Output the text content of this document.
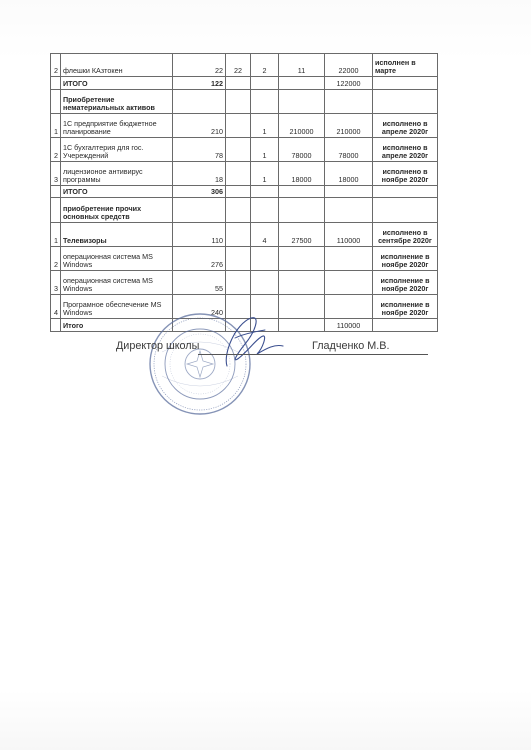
2	флешки КАзтокен	22	22	2	11	22000	исполнен в марте
	ИТОГО	122				122000	
	Приобретение нематериальных активов						
1	1С предприятие бюджетное планирование	210		1	210000	210000	исполнено в апреле 2020г
2	1С бухгалтерия для гос. Учереждений	78		1	78000	78000	исполнено в апреле 2020г
3	лицензионое антивирус программы	18		1	18000	18000	исполнено в ноябре 2020г
	ИТОГО	306					
	приобретение прочих основных средств						
1	Телевизоры	110		4	27500	110000	исполнено в сентябре 2020г
2	операционная система MS Windows	276					исполнение в ноябре 2020г
3	операционная система MS Windows	55					исполнение в ноябре 2020г
4	Програмное обеспечение MS Windows	240					исполнение в ноябре 2020г
	Итого					110000	
Директор школы	Гладченко М.В.
